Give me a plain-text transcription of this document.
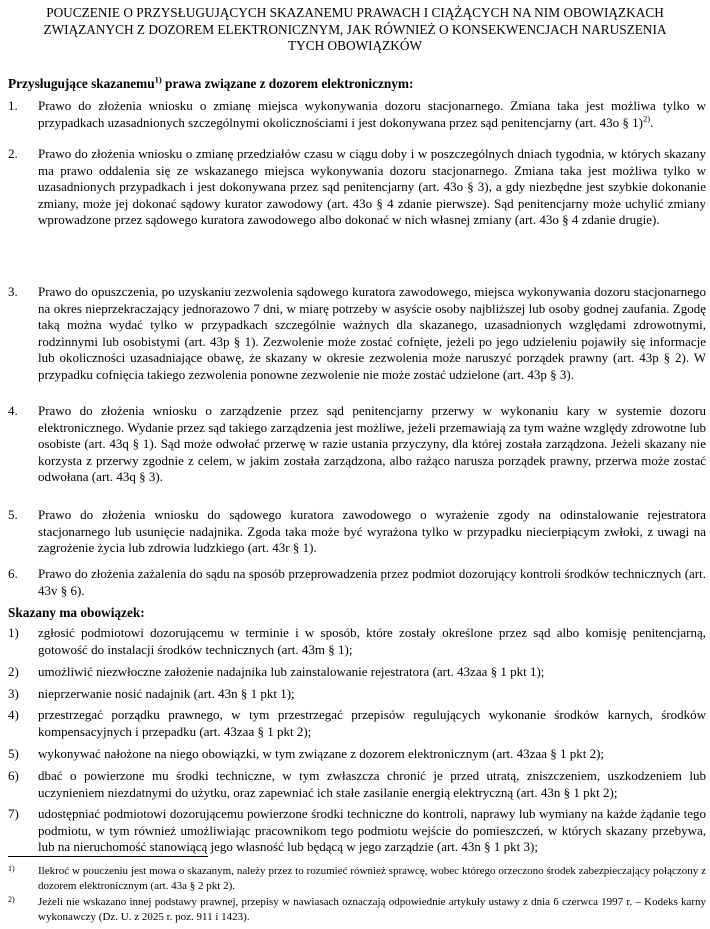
POUCZENIE O PRZYSŁUGUJĄCYCH SKAZANEMU PRAWACH I CIĄŻĄCYCH NA NIM OBOWIĄZKACH
ZWIĄZANYCH Z DOZOREM ELEKTRONICZNYM, JAK RÓWNIEŻ O KONSEKWENCJACH NARUSZENIA
TYCH OBOWIĄZKÓW
Przysługujące skazanemu$^{1)}$ prawa związane z dozorem elektronicznym:
1.	Prawo do złożenia wniosku o zmianę miejsca wykonywania dozoru stacjonarnego. Zmiana taka jest możliwa tylko w przypadkach uzasadnionych szczególnymi okolicznościami i jest dokonywana przez sąd penitencjarny (art. 43o § 1)$^{2)}$.
2.	Prawo do złożenia wniosku o zmianę przedziałów czasu w ciągu doby i w poszczególnych dniach tygodnia, w których skazany ma prawo oddalenia się ze wskazanego miejsca wykonywania dozoru stacjonarnego. Zmiana taka jest możliwa tylko w uzasadnionych przypadkach i jest dokonywana przez sąd penitencjarny (art. 43o § 3), a gdy niezbędne jest szybkie dokonanie zmiany, może jej dokonać sądowy kurator zawodowy (art. 43o § 4 zdanie pierwsze). Sąd penitencjarny może uchylić zmiany wprowadzone przez sądowego kuratora zawodowego albo dokonać w nich własnej zmiany (art. 43o § 4 zdanie drugie).
3.	Prawo do opuszczenia, po uzyskaniu zezwolenia sądowego kuratora zawodowego, miejsca wykonywania dozoru stacjonarnego na okres nieprzekraczający jednorazowo 7 dni, w miarę potrzeby w asyście osoby najbliższej lub osoby godnej zaufania. Zgodę taką można wydać tylko w przypadkach szczególnie ważnych dla skazanego, uzasadnionych względami zdrowotnymi, rodzinnymi lub osobistymi (art. 43p § 1). Zezwolenie może zostać cofnięte, jeżeli po jego udzieleniu pojawiły się informacje lub okoliczności uzasadniające obawę, że skazany w okresie zezwolenia może naruszyć porządek prawny (art. 43p § 2). W przypadku cofnięcia takiego zezwolenia ponowne zezwolenie nie może zostać udzielone (art. 43p § 3).
4.	Prawo do złożenia wniosku o zarządzenie przez sąd penitencjarny przerwy w wykonaniu kary w systemie dozoru elektronicznego. Wydanie przez sąd takiego zarządzenia jest możliwe, jeżeli przemawiają za tym ważne względy zdrowotne lub osobiste (art. 43q § 1). Sąd może odwołać przerwę w razie ustania przyczyny, dla której została zarządzona. Jeżeli skazany nie korzysta z przerwy zgodnie z celem, w jakim została zarządzona, albo rażąco narusza porządek prawny, przerwa może zostać odwołana (art. 43q § 3).
5.	Prawo do złożenia wniosku do sądowego kuratora zawodowego o wyrażenie zgody na odinstalowanie rejestratora stacjonarnego lub usunięcie nadajnika. Zgoda taka może być wyrażona tylko w przypadku niecierpiącym zwłoki, z uwagi na zagrożenie życia lub zdrowia ludzkiego (art. 43r § 1).
6.	Prawo do złożenia zażalenia do sądu na sposób przeprowadzenia przez podmiot dozorujący kontroli środków technicznych (art. 43v § 6).
Skazany ma obowiązek:
1)	zgłosić podmiotowi dozorującemu w terminie i w sposób, które zostały określone przez sąd albo komisję penitencjarną, gotowość do instalacji środków technicznych (art. 43m § 1);
2)	umożliwić niezwłoczne założenie nadajnika lub zainstalowanie rejestratora (art. 43zaa § 1 pkt 1);
3)	nieprzerwanie nosić nadajnik (art. 43n § 1 pkt 1);
4)	przestrzegać porządku prawnego, w tym przestrzegać przepisów regulujących wykonanie środków karnych, środków kompensacyjnych i przepadku (art. 43zaa § 1 pkt 2);
5)	wykonywać nałożone na niego obowiązki, w tym związane z dozorem elektronicznym (art. 43zaa § 1 pkt 2);
6)	dbać o powierzone mu środki techniczne, w tym zwłaszcza chronić je przed utratą, zniszczeniem, uszkodzeniem lub uczynieniem niezdatnymi do użytku, oraz zapewniać ich stałe zasilanie energią elektryczną (art. 43n § 1 pkt 2);
7)	udostępniać podmiotowi dozorującemu powierzone środki techniczne do kontroli, naprawy lub wymiany na każde żądanie tego podmiotu, w tym również umożliwiając pracownikom tego podmiotu wejście do pomieszczeń, w których skazany przebywa, lub na nieruchomość stanowiącą jego własność lub będącą w jego zarządzie (art. 43n § 1 pkt 3);
1) Ilekroć w pouczeniu jest mowa o skazanym, należy przez to rozumieć również sprawcę, wobec którego orzeczono środek zabezpieczający połączony z dozorem elektronicznym (art. 43a § 2 pkt 2).
2) Jeżeli nie wskazano innej podstawy prawnej, przepisy w nawiasach oznaczają odpowiednie artykuły ustawy z dnia 6 czerwca 1997 r. – Kodeks karny wykonawczy (Dz. U. z 2025 r. poz. 911 i 1423).
